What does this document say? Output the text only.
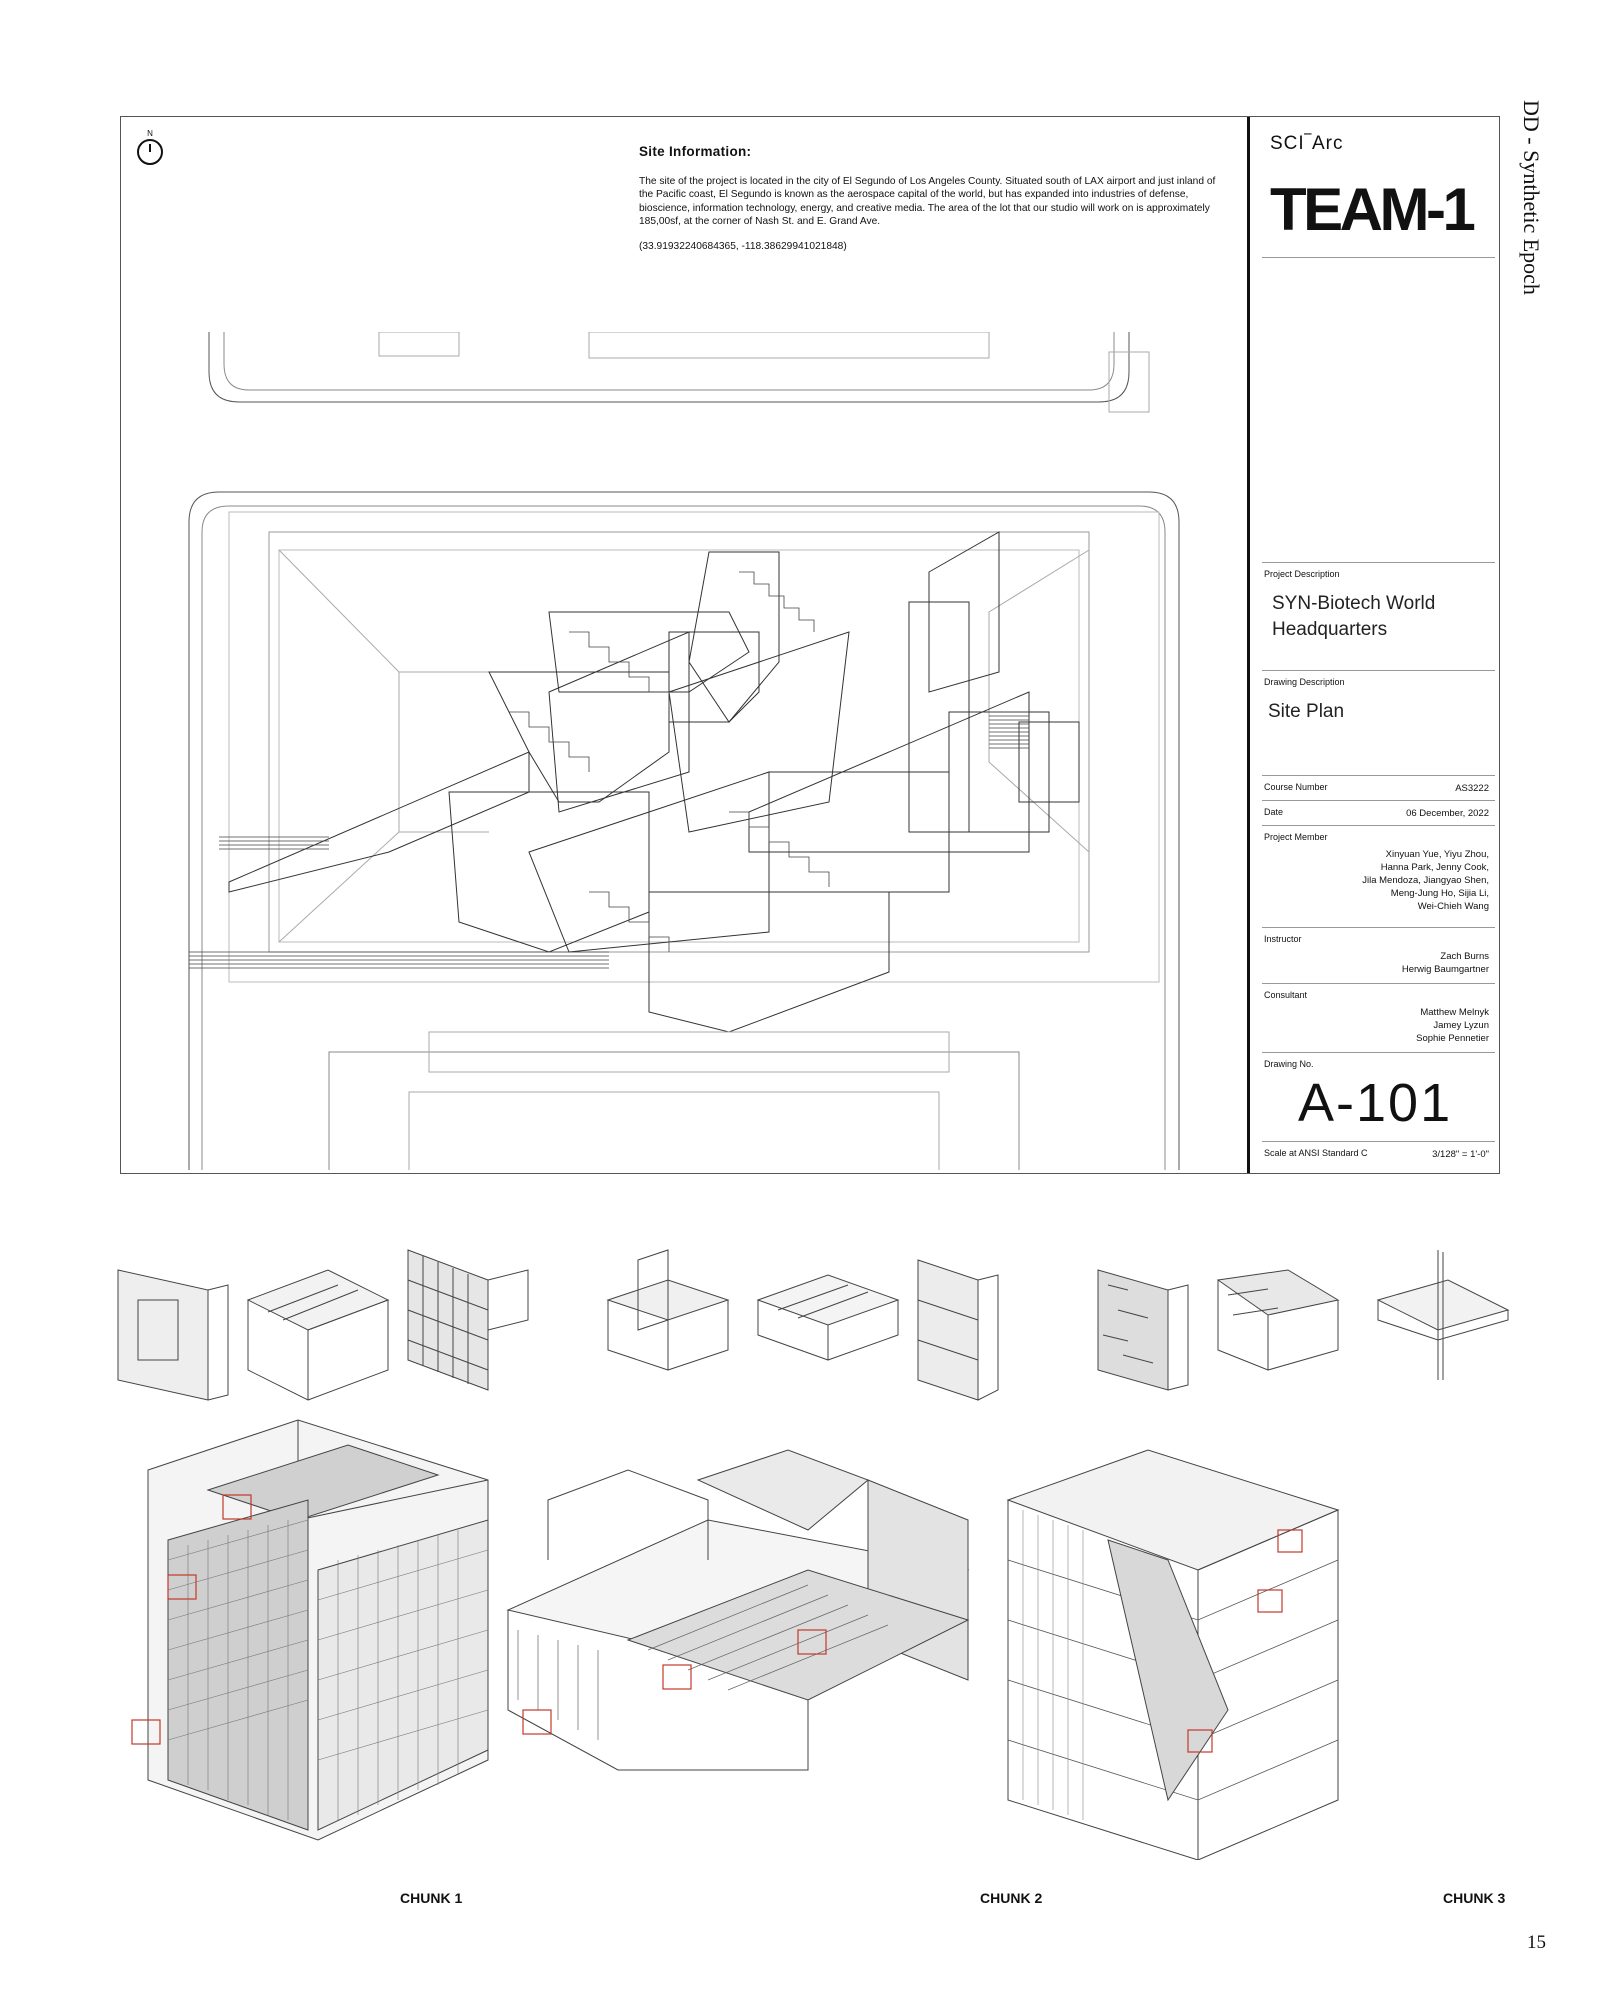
N
Site Information:

The site of the project is located in the city of El Segundo of Los Angeles County. Situated south of LAX airport and just inland of the Pacific coast, El Segundo is known as the aerospace capital of the world, but has expanded into industries of defense, bioscience, information technology, energy, and creative media. The area of the lot that our studio will work on is approximately 185,00sf, at the corner of Nash St. and E. Grand Ave.

(33.91932240684365, -118.38629941021848)

SCI‾Arc
TEAM-1
Project Description
SYN-Biotech World
Headquarters
Drawing Description
Site Plan
Course Number	AS3222
Date	06 December, 2022
Project Member
Xinyuan Yue, Yiyu Zhou,
Hanna Park, Jenny Cook,
Jila Mendoza, Jiangyao Shen,
Meng-Jung Ho, Sijia Li,
Wei-Chieh Wang
Instructor
Zach Burns
Herwig Baumgartner
Consultant
Matthew Melnyk
Jamey Lyzun
Sophie Pennetier
Drawing No.
A-101
Scale at ANSI Standard C	3/128" = 1'-0"
DD - Synthetic Epoch
CHUNK 1	CHUNK 2	CHUNK 3
15
